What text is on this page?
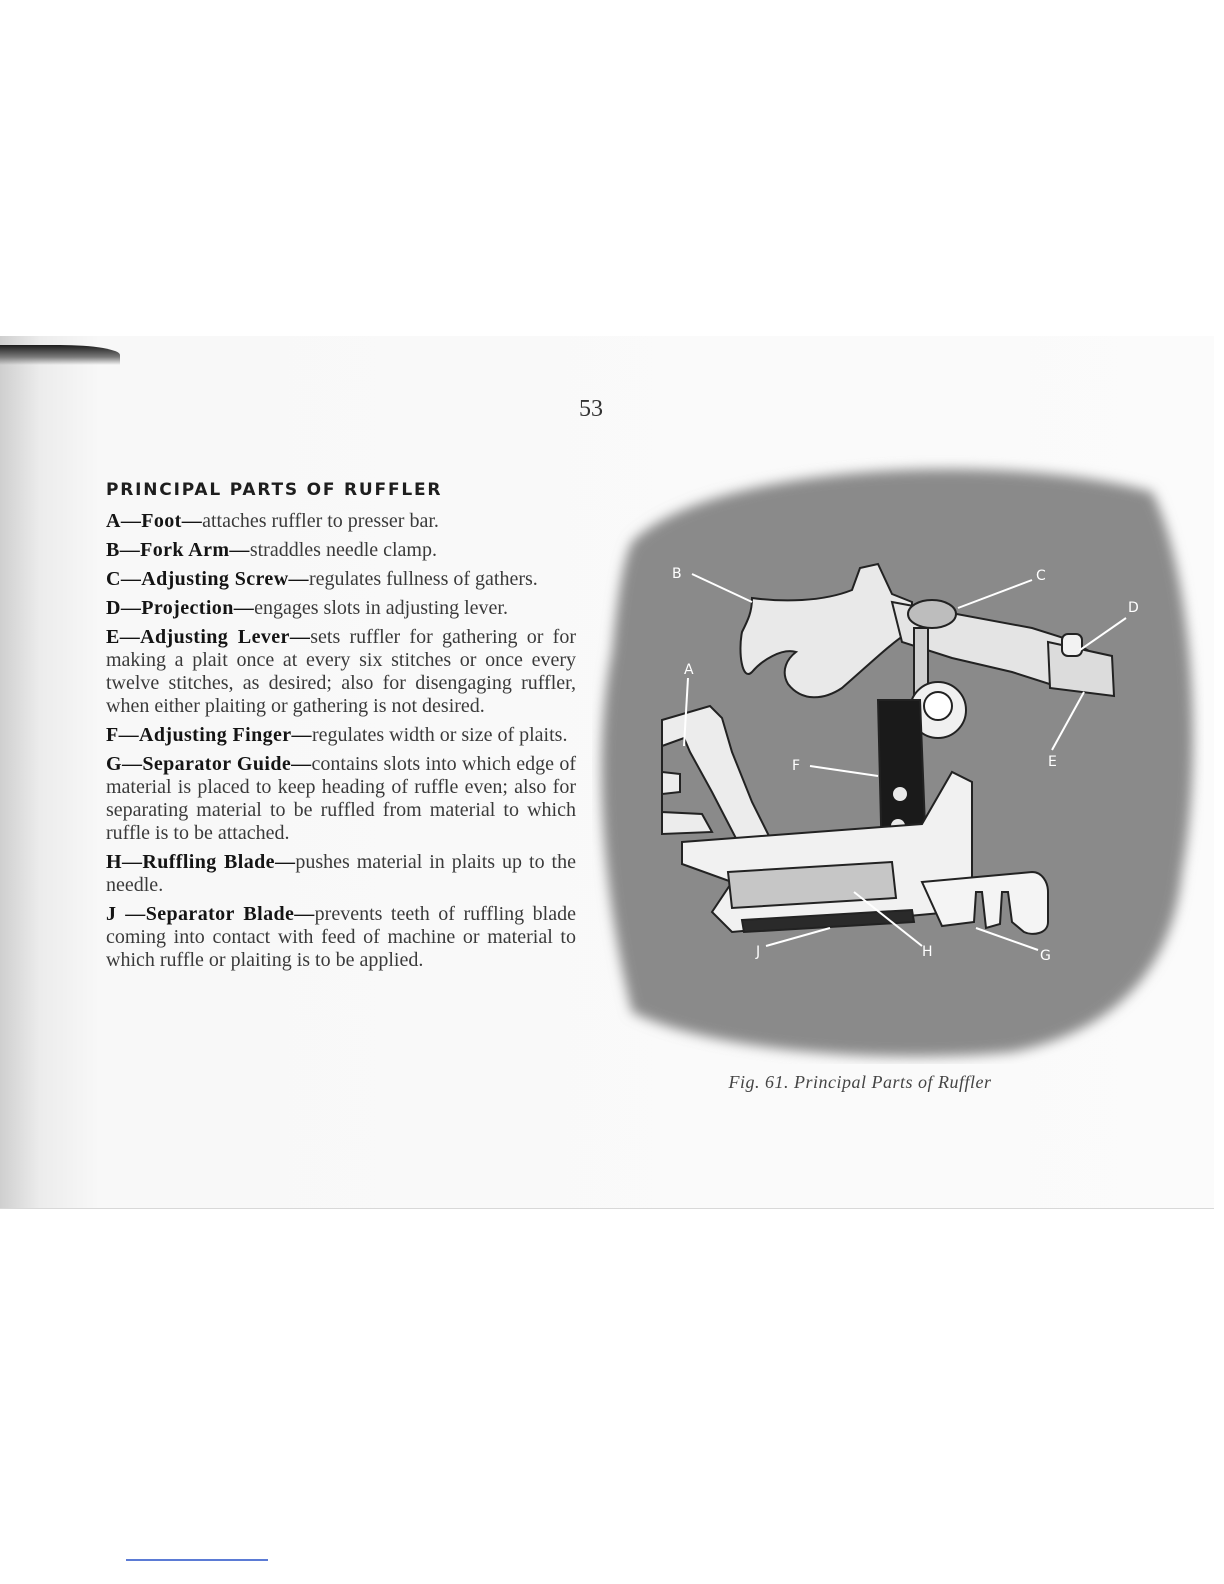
53
PRINCIPAL PARTS OF RUFFLER

A—Foot—attaches ruffler to presser bar.

B—Fork Arm—straddles needle clamp.

C—Adjusting Screw—regulates fullness of gathers.

D—Projection—engages slots in adjusting lever.

E—Adjusting Lever—sets ruffler for gathering or for making a plait once at every six stitches or once every twelve stitches, as desired; also for disengaging ruffler, when either plaiting or gathering is not desired.

F—Adjusting Finger—regulates width or size of plaits.

G—Separator Guide—contains slots into which edge of material is placed to keep heading of ruffle even; also for separating material to be ruffled from material to which ruffle is to be attached.

H—Ruffling Blade—pushes material in plaits up to the needle.

J —Separator Blade—prevents teeth of ruffling blade coming into contact with feed of machine or material to which ruffle or plaiting is to be applied.

B	C
D
A
F	E
J	H	G
Fig. 61. Principal Parts of Ruffler
